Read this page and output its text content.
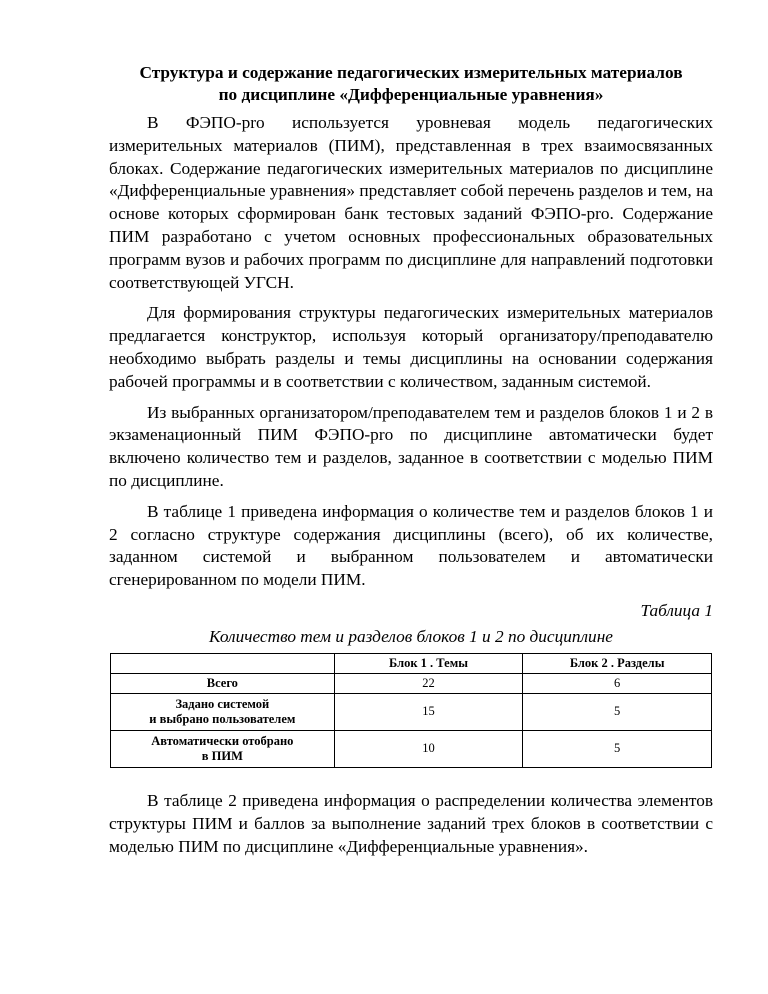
Структура и содержание педагогических измерительных материалов
по дисциплине «Дифференциальные уравнения»

В ФЭПО-pro используется уровневая модель педагогических измерительных материалов (ПИМ), представленная в трех взаимосвязанных блоках. Содержание педагогических измерительных материалов по дисциплине «Дифференциальные уравнения» представляет собой перечень разделов и тем, на основе которых сформирован банк тестовых заданий ФЭПО-pro. Содержание ПИМ разработано с учетом основных профессиональных образовательных программ вузов и рабочих программ по дисциплине для направлений подготовки соответствующей УГСН.

Для формирования структуры педагогических измерительных материалов предлагается конструктор, используя который организатору/преподавателю необходимо выбрать разделы и темы дисциплины на основании содержания рабочей программы и в соответствии с количеством, заданным системой.

Из выбранных организатором/преподавателем тем и разделов блоков 1 и 2 в экзаменационный ПИМ ФЭПО-pro по дисциплине автоматически будет включено количество тем и разделов, заданное в соответствии с моделью ПИМ по дисциплине.

В таблице 1 приведена информация о количестве тем и разделов блоков 1 и 2 согласно структуре содержания дисциплины (всего), об их количестве, заданном системой и выбранном пользователем и автоматически сгенерированном по модели ПИМ.

Таблица 1
Количество тем и разделов блоков 1 и 2 по дисциплине
	Блок 1 . Темы	Блок 2 . Разделы
Всего	22	6

Задано системой
и выбрано пользователем	15	5

Автоматически отобрано
в ПИМ	10	5

В таблице 2 приведена информация о распределении количества элементов структуры ПИМ и баллов за выполнение заданий трех блоков в соответствии с моделью ПИМ по дисциплине «Дифференциальные уравнения».
